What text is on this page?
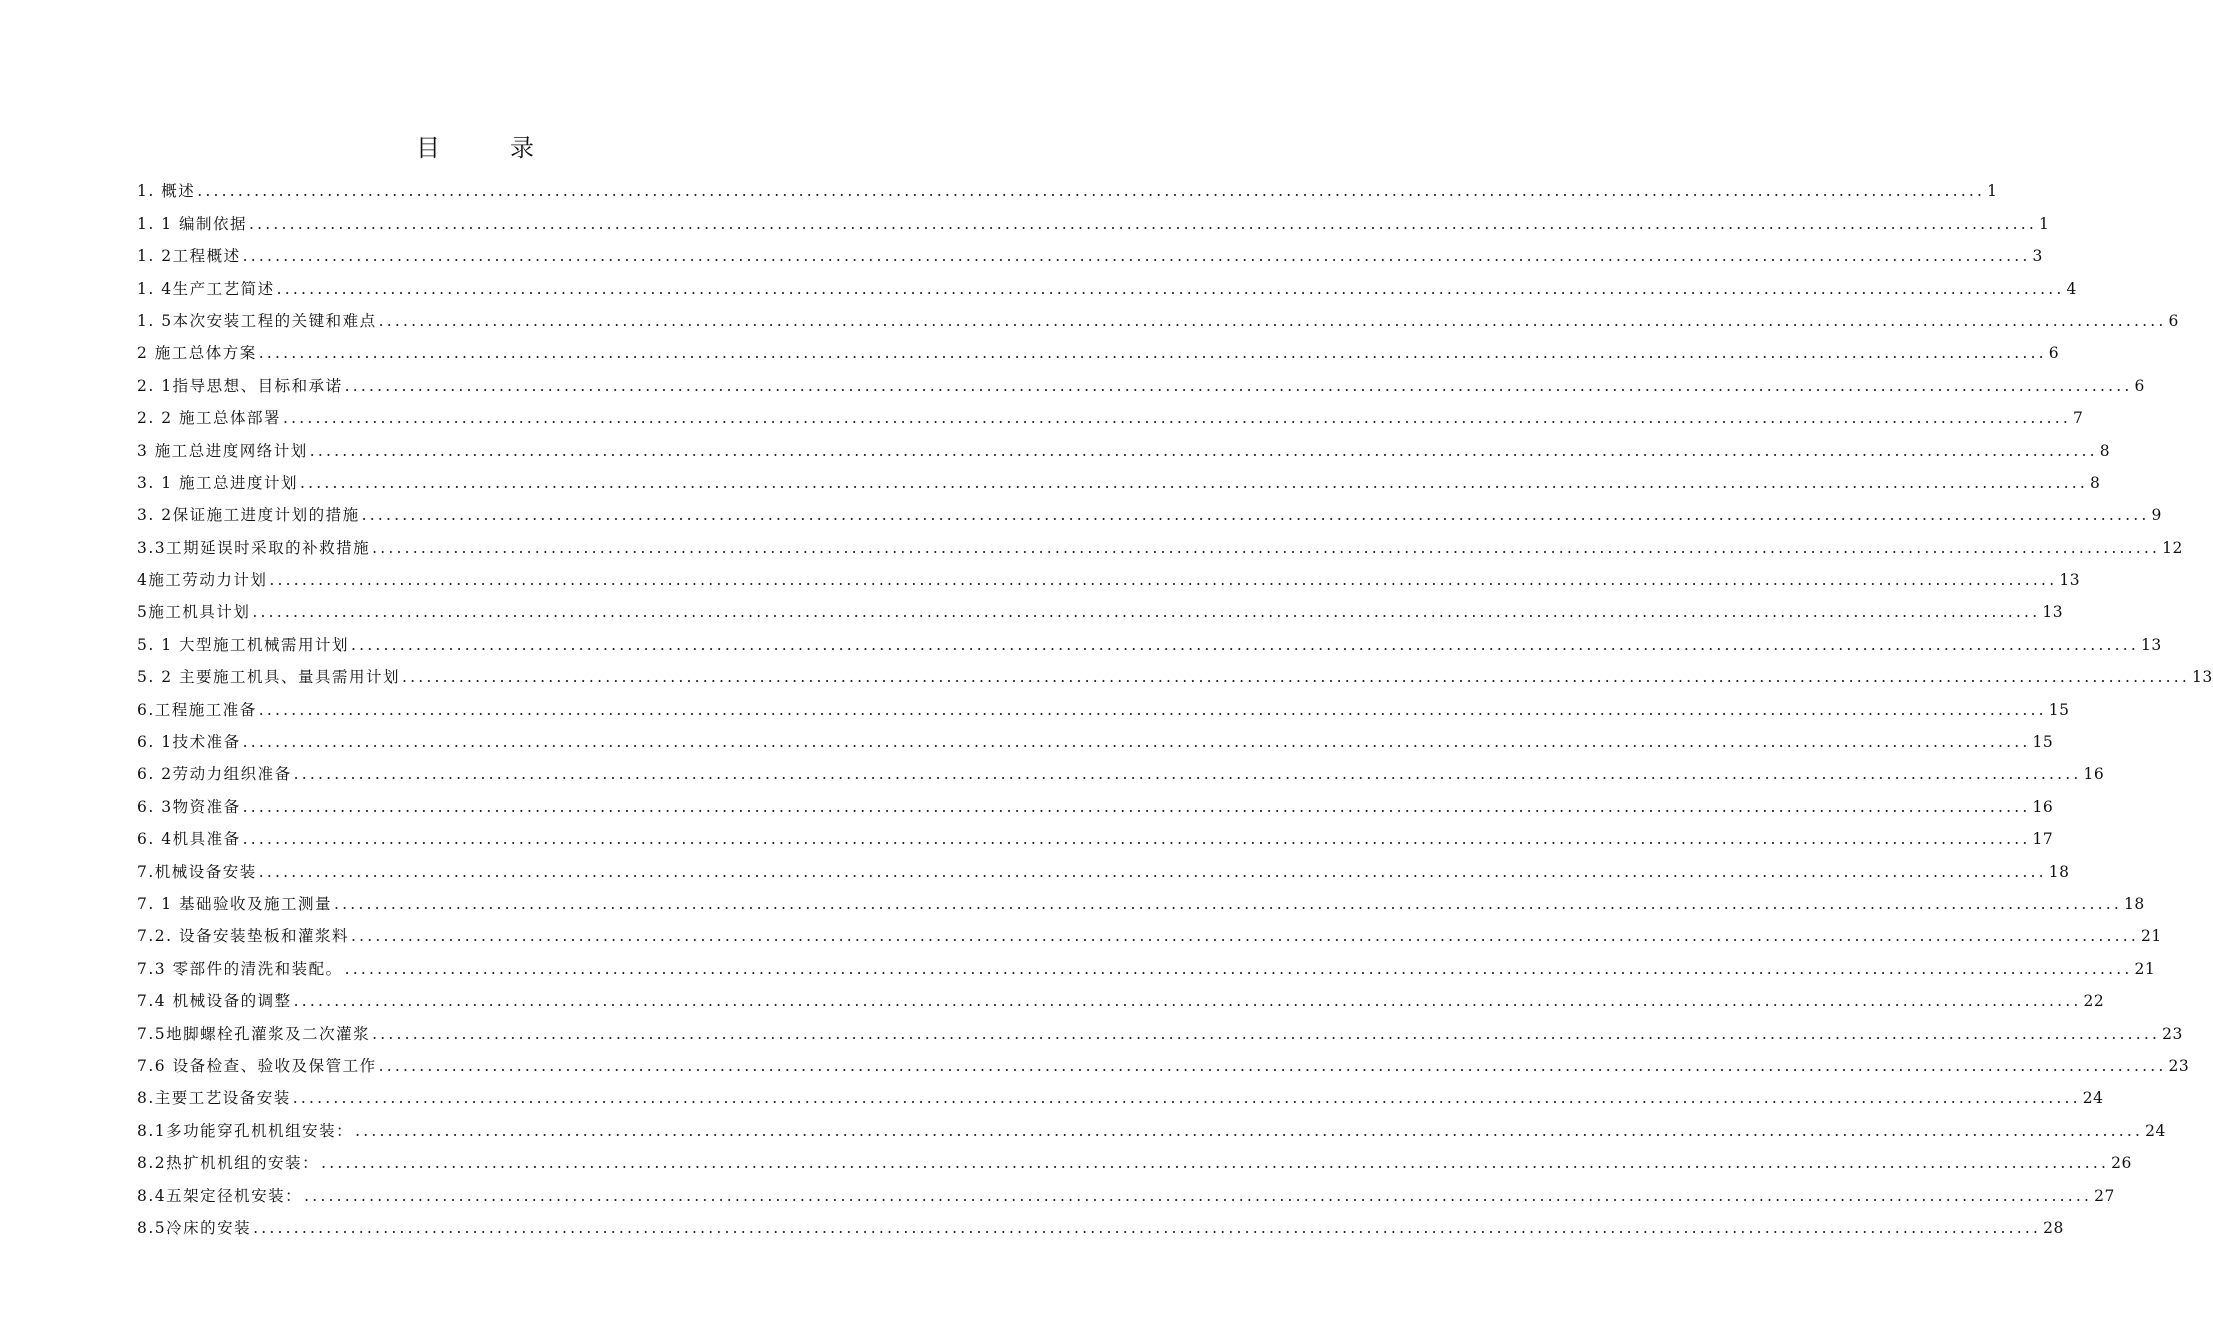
目	录
1. 概述 ............................................................................................................................................................................................................................ 1
1. 1 编制依据 ............................................................................................................................................................................................................................ 1
1. 2工程概述 ............................................................................................................................................................................................................................ 3
1. 4生产工艺简述 ............................................................................................................................................................................................................................ 4
1. 5本次安装工程的关键和难点 ............................................................................................................................................................................................................................ 6
2 施工总体方案 ............................................................................................................................................................................................................................ 6
2. 1指导思想、目标和承诺 ............................................................................................................................................................................................................................ 6
2. 2 施工总体部署 ............................................................................................................................................................................................................................ 7
3 施工总进度网络计划 ............................................................................................................................................................................................................................ 8
3. 1 施工总进度计划 ............................................................................................................................................................................................................................ 8
3. 2保证施工进度计划的措施 ............................................................................................................................................................................................................................ 9
3.3工期延误时采取的补救措施 ............................................................................................................................................................................................................................ 12
4施工劳动力计划 ............................................................................................................................................................................................................................ 13
5施工机具计划 ............................................................................................................................................................................................................................ 13
5. 1 大型施工机械需用计划 ............................................................................................................................................................................................................................ 13
5. 2 主要施工机具、量具需用计划 ............................................................................................................................................................................................................................ 13
6.工程施工准备 ............................................................................................................................................................................................................................ 15
6. 1技术准备 ............................................................................................................................................................................................................................ 15
6. 2劳动力组织准备 ............................................................................................................................................................................................................................ 16
6. 3物资准备 ............................................................................................................................................................................................................................ 16
6. 4机具准备 ............................................................................................................................................................................................................................ 17
7.机械设备安装 ............................................................................................................................................................................................................................ 18
7. 1 基础验收及施工测量 ............................................................................................................................................................................................................................ 18
7.2. 设备安装垫板和灌浆料 ............................................................................................................................................................................................................................ 21
7.3 零部件的清洗和装配。 ............................................................................................................................................................................................................................ 21
7.4 机械设备的调整 ............................................................................................................................................................................................................................ 22
7.5地脚螺栓孔灌浆及二次灌浆 ............................................................................................................................................................................................................................ 23
7.6 设备检查、验收及保管工作 ............................................................................................................................................................................................................................ 23
8.主要工艺设备安装 ............................................................................................................................................................................................................................ 24
8.1多功能穿孔机机组安装： ............................................................................................................................................................................................................................ 24
8.2热扩机机组的安装： ............................................................................................................................................................................................................................ 26
8.4五架定径机安装： ............................................................................................................................................................................................................................ 27
8.5冷床的安装 ............................................................................................................................................................................................................................ 28
